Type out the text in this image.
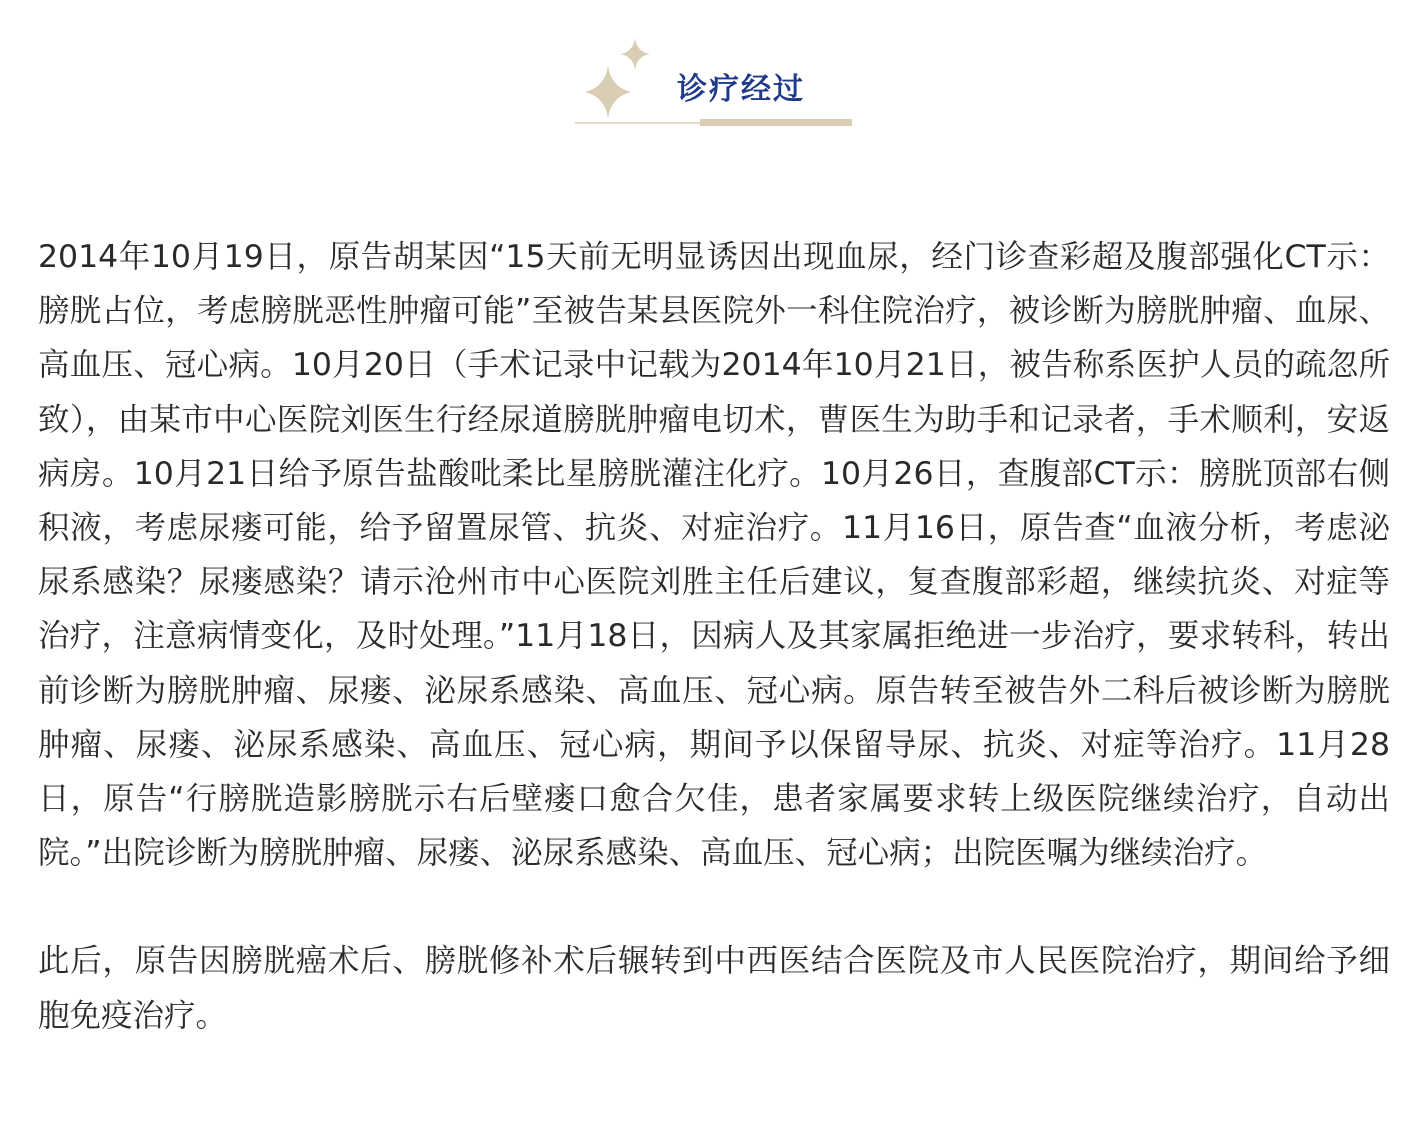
诊疗经过

2014年10月19日，原告胡某因“15天前无明显诱因出现血尿，经门诊查彩超及腹部强化CT示：膀胱占位，考虑膀胱恶性肿瘤可能”至被告某县医院外一科住院治疗，被诊断为膀胱肿瘤、血尿、高血压、冠心病。10月20日（手术记录中记载为2014年10月21日，被告称系医护人员的疏忽所致），由某市中心医院刘医生行经尿道膀胱肿瘤电切术，曹医生为助手和记录者，手术顺利，安返病房。10月21日给予原告盐酸吡柔比星膀胱灌注化疗。10月26日，查腹部CT示：膀胱顶部右侧积液，考虑尿瘘可能，给予留置尿管、抗炎、对症治疗。11月16日，原告查“血液分析，考虑泌尿系感染？尿瘘感染？请示沧州市中心医院刘胜主任后建议，复查腹部彩超，继续抗炎、对症等治疗，注意病情变化，及时处理。”11月18日，因病人及其家属拒绝进一步治疗，要求转科，转出前诊断为膀胱肿瘤、尿瘘、泌尿系感染、高血压、冠心病。原告转至被告外二科后被诊断为膀胱肿瘤、尿瘘、泌尿系感染、高血压、冠心病，期间予以保留导尿、抗炎、对症等治疗。11月28日，原告“行膀胱造影膀胱示右后壁瘘口愈合欠佳，患者家属要求转上级医院继续治疗，自动出院。”出院诊断为膀胱肿瘤、尿瘘、泌尿系感染、高血压、冠心病；出院医嘱为继续治疗。

此后，原告因膀胱癌术后、膀胱修补术后辗转到中西医结合医院及市人民医院治疗，期间给予细胞免疫治疗。
